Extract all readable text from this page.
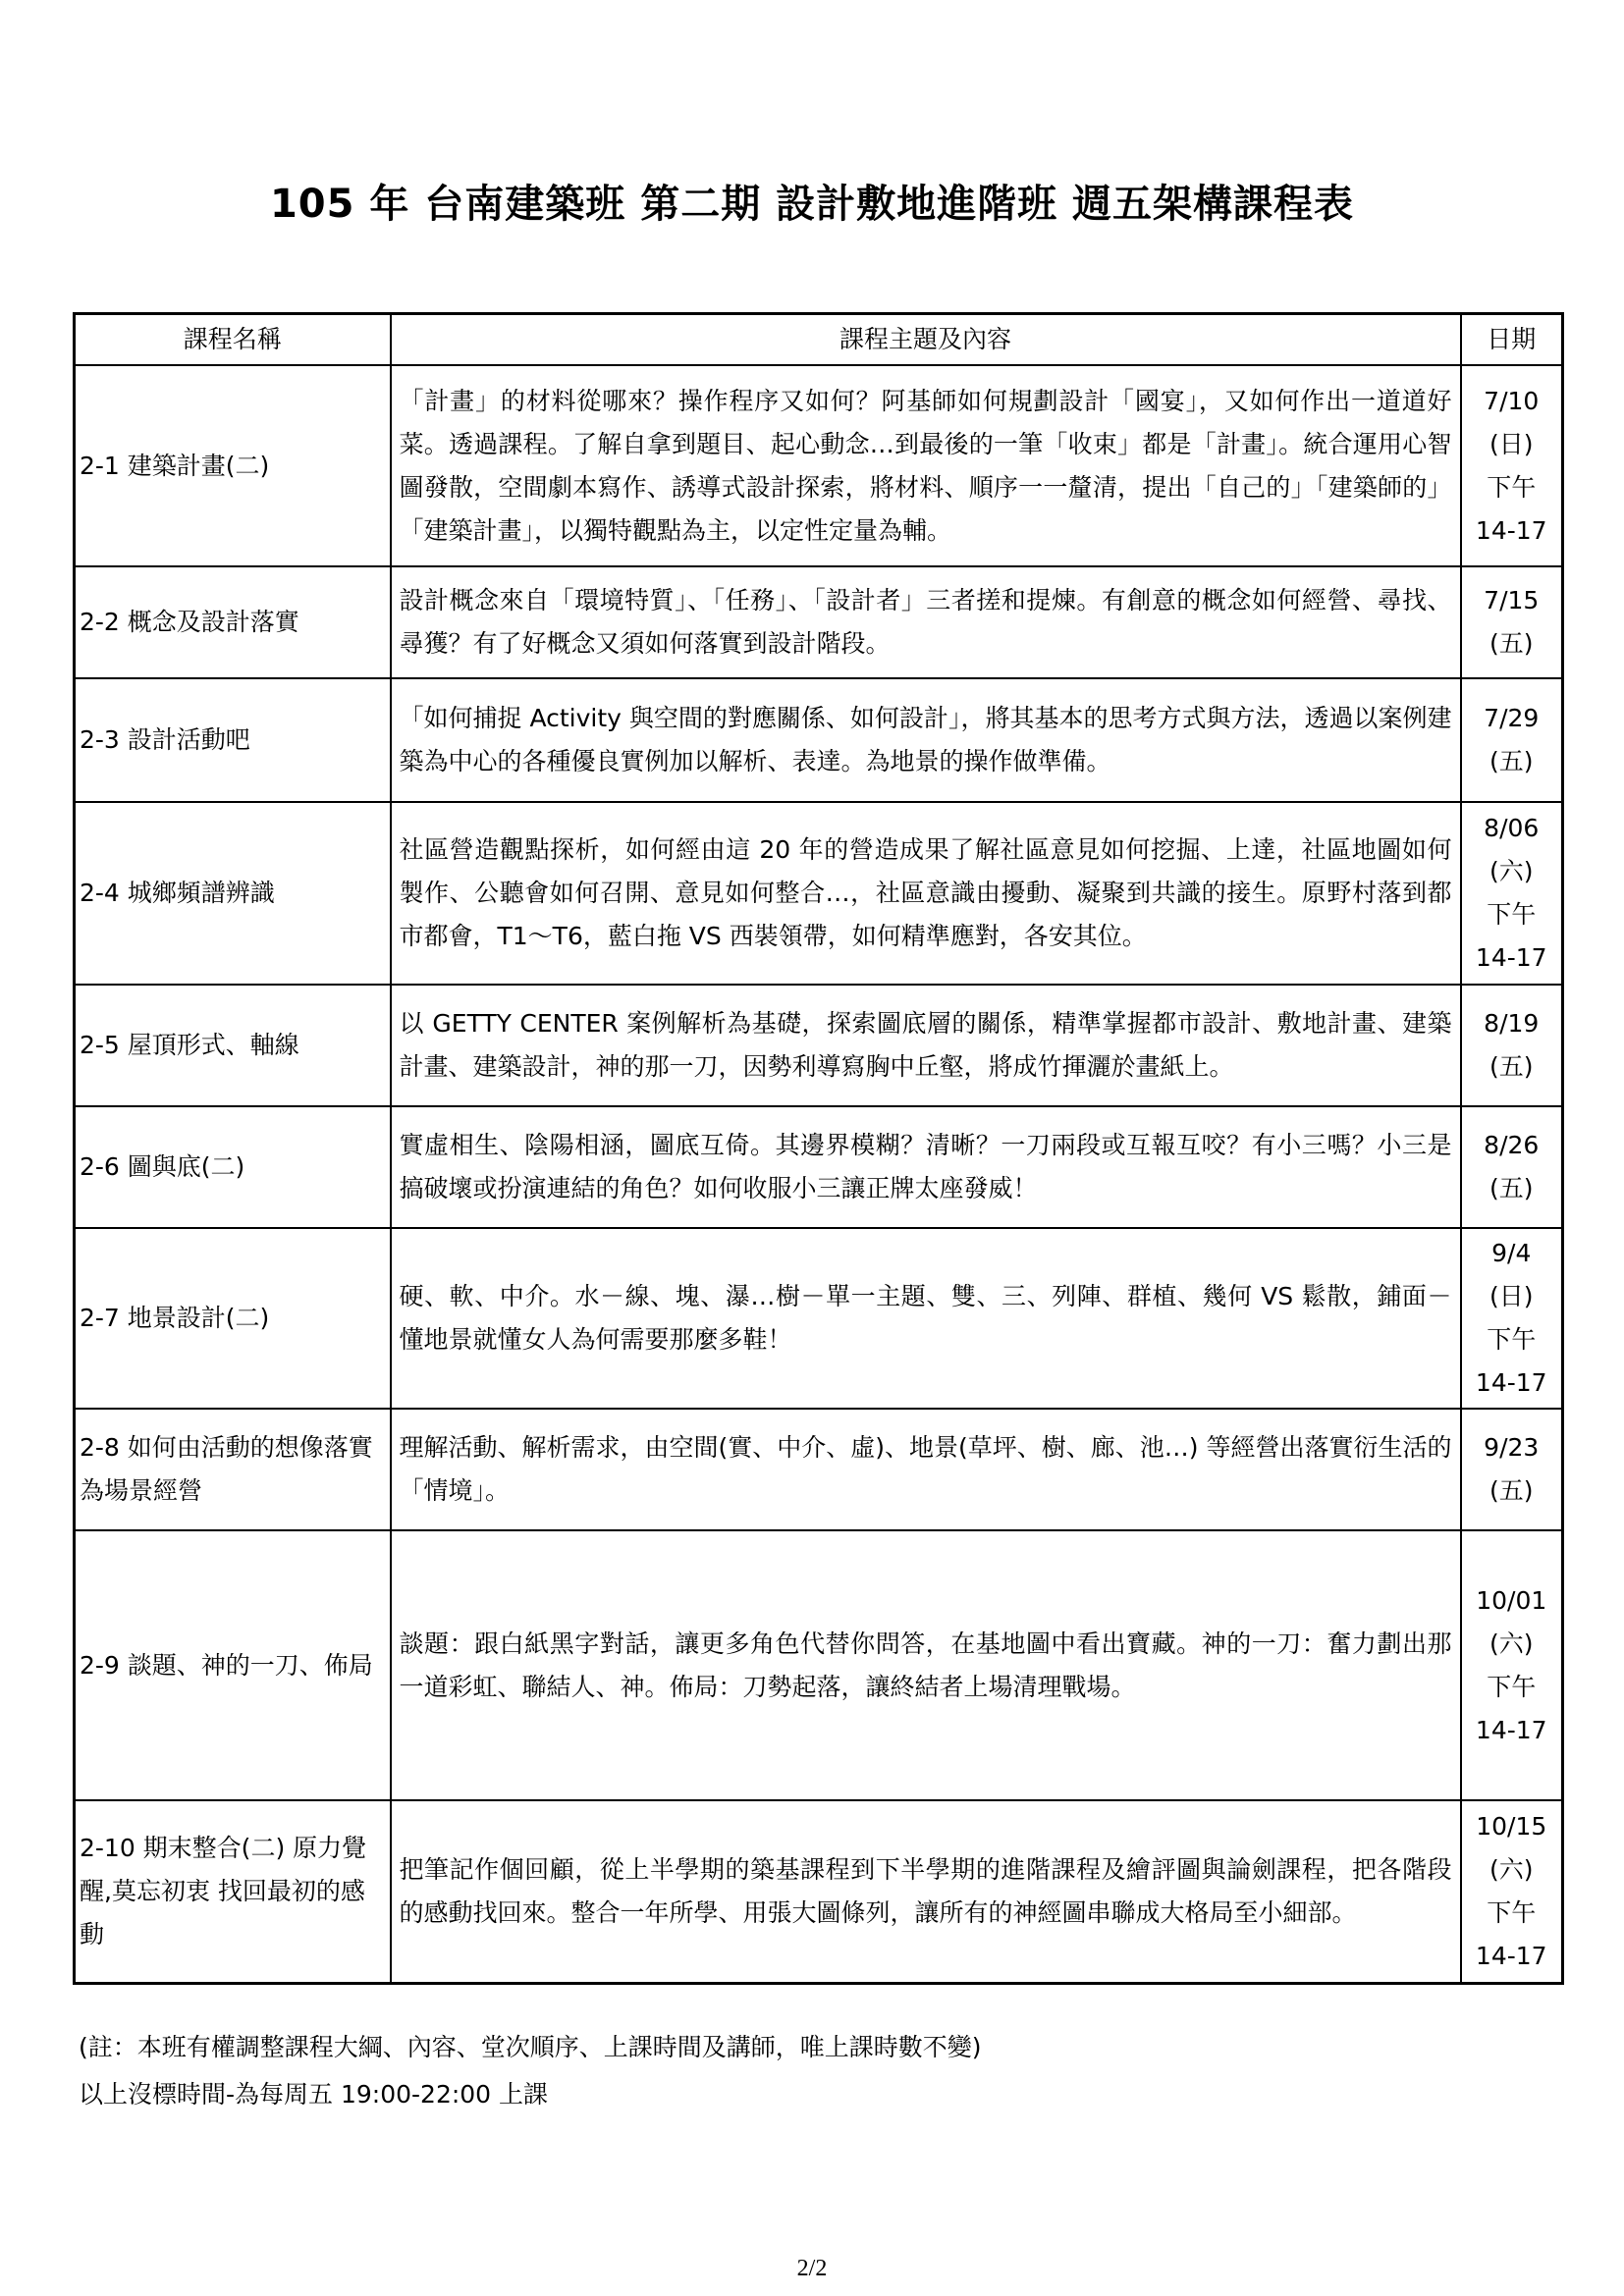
105 年 台南建築班 第二期 設計敷地進階班 週五架構課程表
課程名稱	課程主題及內容	日期
2-1 建築計畫(二)	「計畫」的材料從哪來？操作程序又如何？阿基師如何規劃設計「國宴」，又如何作出一道道好菜。透過課程。了解自拿到題目、起心動念…到最後的一筆「收束」都是「計畫」。統合運用心智圖發散，空間劇本寫作、誘導式設計探索，將材料、順序一一釐清，提出「自己的」「建築師的」 「建築計畫」，以獨特觀點為主，以定性定量為輔。	7/10
(日)
下午
14-17

2-2 概念及設計落實	設計概念來自「環境特質」、「任務」、「設計者」三者搓和提煉。有創意的概念如何經營、尋找、尋獲？有了好概念又須如何落實到設計階段。	7/15
(五)

2-3 設計活動吧	「如何捕捉 Activity 與空間的對應關係、如何設計」，將其基本的思考方式與方法，透過以案例建築為中心的各種優良實例加以解析、表達。為地景的操作做準備。	7/29
(五)

2-4 城鄉頻譜辨識	社區營造觀點探析，如何經由這 20 年的營造成果了解社區意見如何挖掘、上達，社區地圖如何製作、公聽會如何召開、意見如何整合…，社區意識由擾動、凝聚到共識的接生。原野村落到都市都會，T1～T6，藍白拖 VS 西裝領帶，如何精準應對，各安其位。	8/06
(六)
下午
14-17

2-5 屋頂形式、軸線	以 GETTY CENTER 案例解析為基礎，探索圖底層的關係，精準掌握都市設計、敷地計畫、建築計畫、建築設計，神的那一刀，因勢利導寫胸中丘壑，將成竹揮灑於畫紙上。	8/19
(五)

2-6 圖與底(二)	實虛相生、陰陽相涵，圖底互倚。其邊界模糊？清晰？一刀兩段或互報互咬？有小三嗎？小三是搞破壞或扮演連結的角色？如何收服小三讓正牌太座發威！	8/26
(五)

2-7 地景設計(二)	硬、軟、中介。水－線、塊、瀑…樹－單一主題、雙、三、列陣、群植、幾何 VS 鬆散，鋪面－懂地景就懂女人為何需要那麼多鞋！	9/4
(日)
下午
14-17

2-8 如何由活動的想像落實為場景經營	理解活動、解析需求，由空間(實、中介、虛)、地景(草坪、樹、廊、池…) 等經營出落實衍生活的「情境」。	9/23
(五)

2-9 談題、神的一刀、佈局	談題：跟白紙黑字對話，讓更多角色代替你問答，在基地圖中看出寶藏。神的一刀：奮力劃出那一道彩虹、聯結人、神。佈局：刀勢起落，讓終結者上場清理戰場。	10/01
(六)
下午
14-17

2-10 期末整合(二) 原力覺醒,莫忘初衷 找回最初的感動	把筆記作個回顧，從上半學期的築基課程到下半學期的進階課程及繪評圖與論劍課程，把各階段的感動找回來。整合一年所學、用張大圖條列，讓所有的神經圖串聯成大格局至小細部。	10/15
(六)
下午
14-17
(註：本班有權調整課程大綱、內容、堂次順序、上課時間及講師，唯上課時數不變)
以上沒標時間-為每周五 19:00-22:00 上課
2/2
